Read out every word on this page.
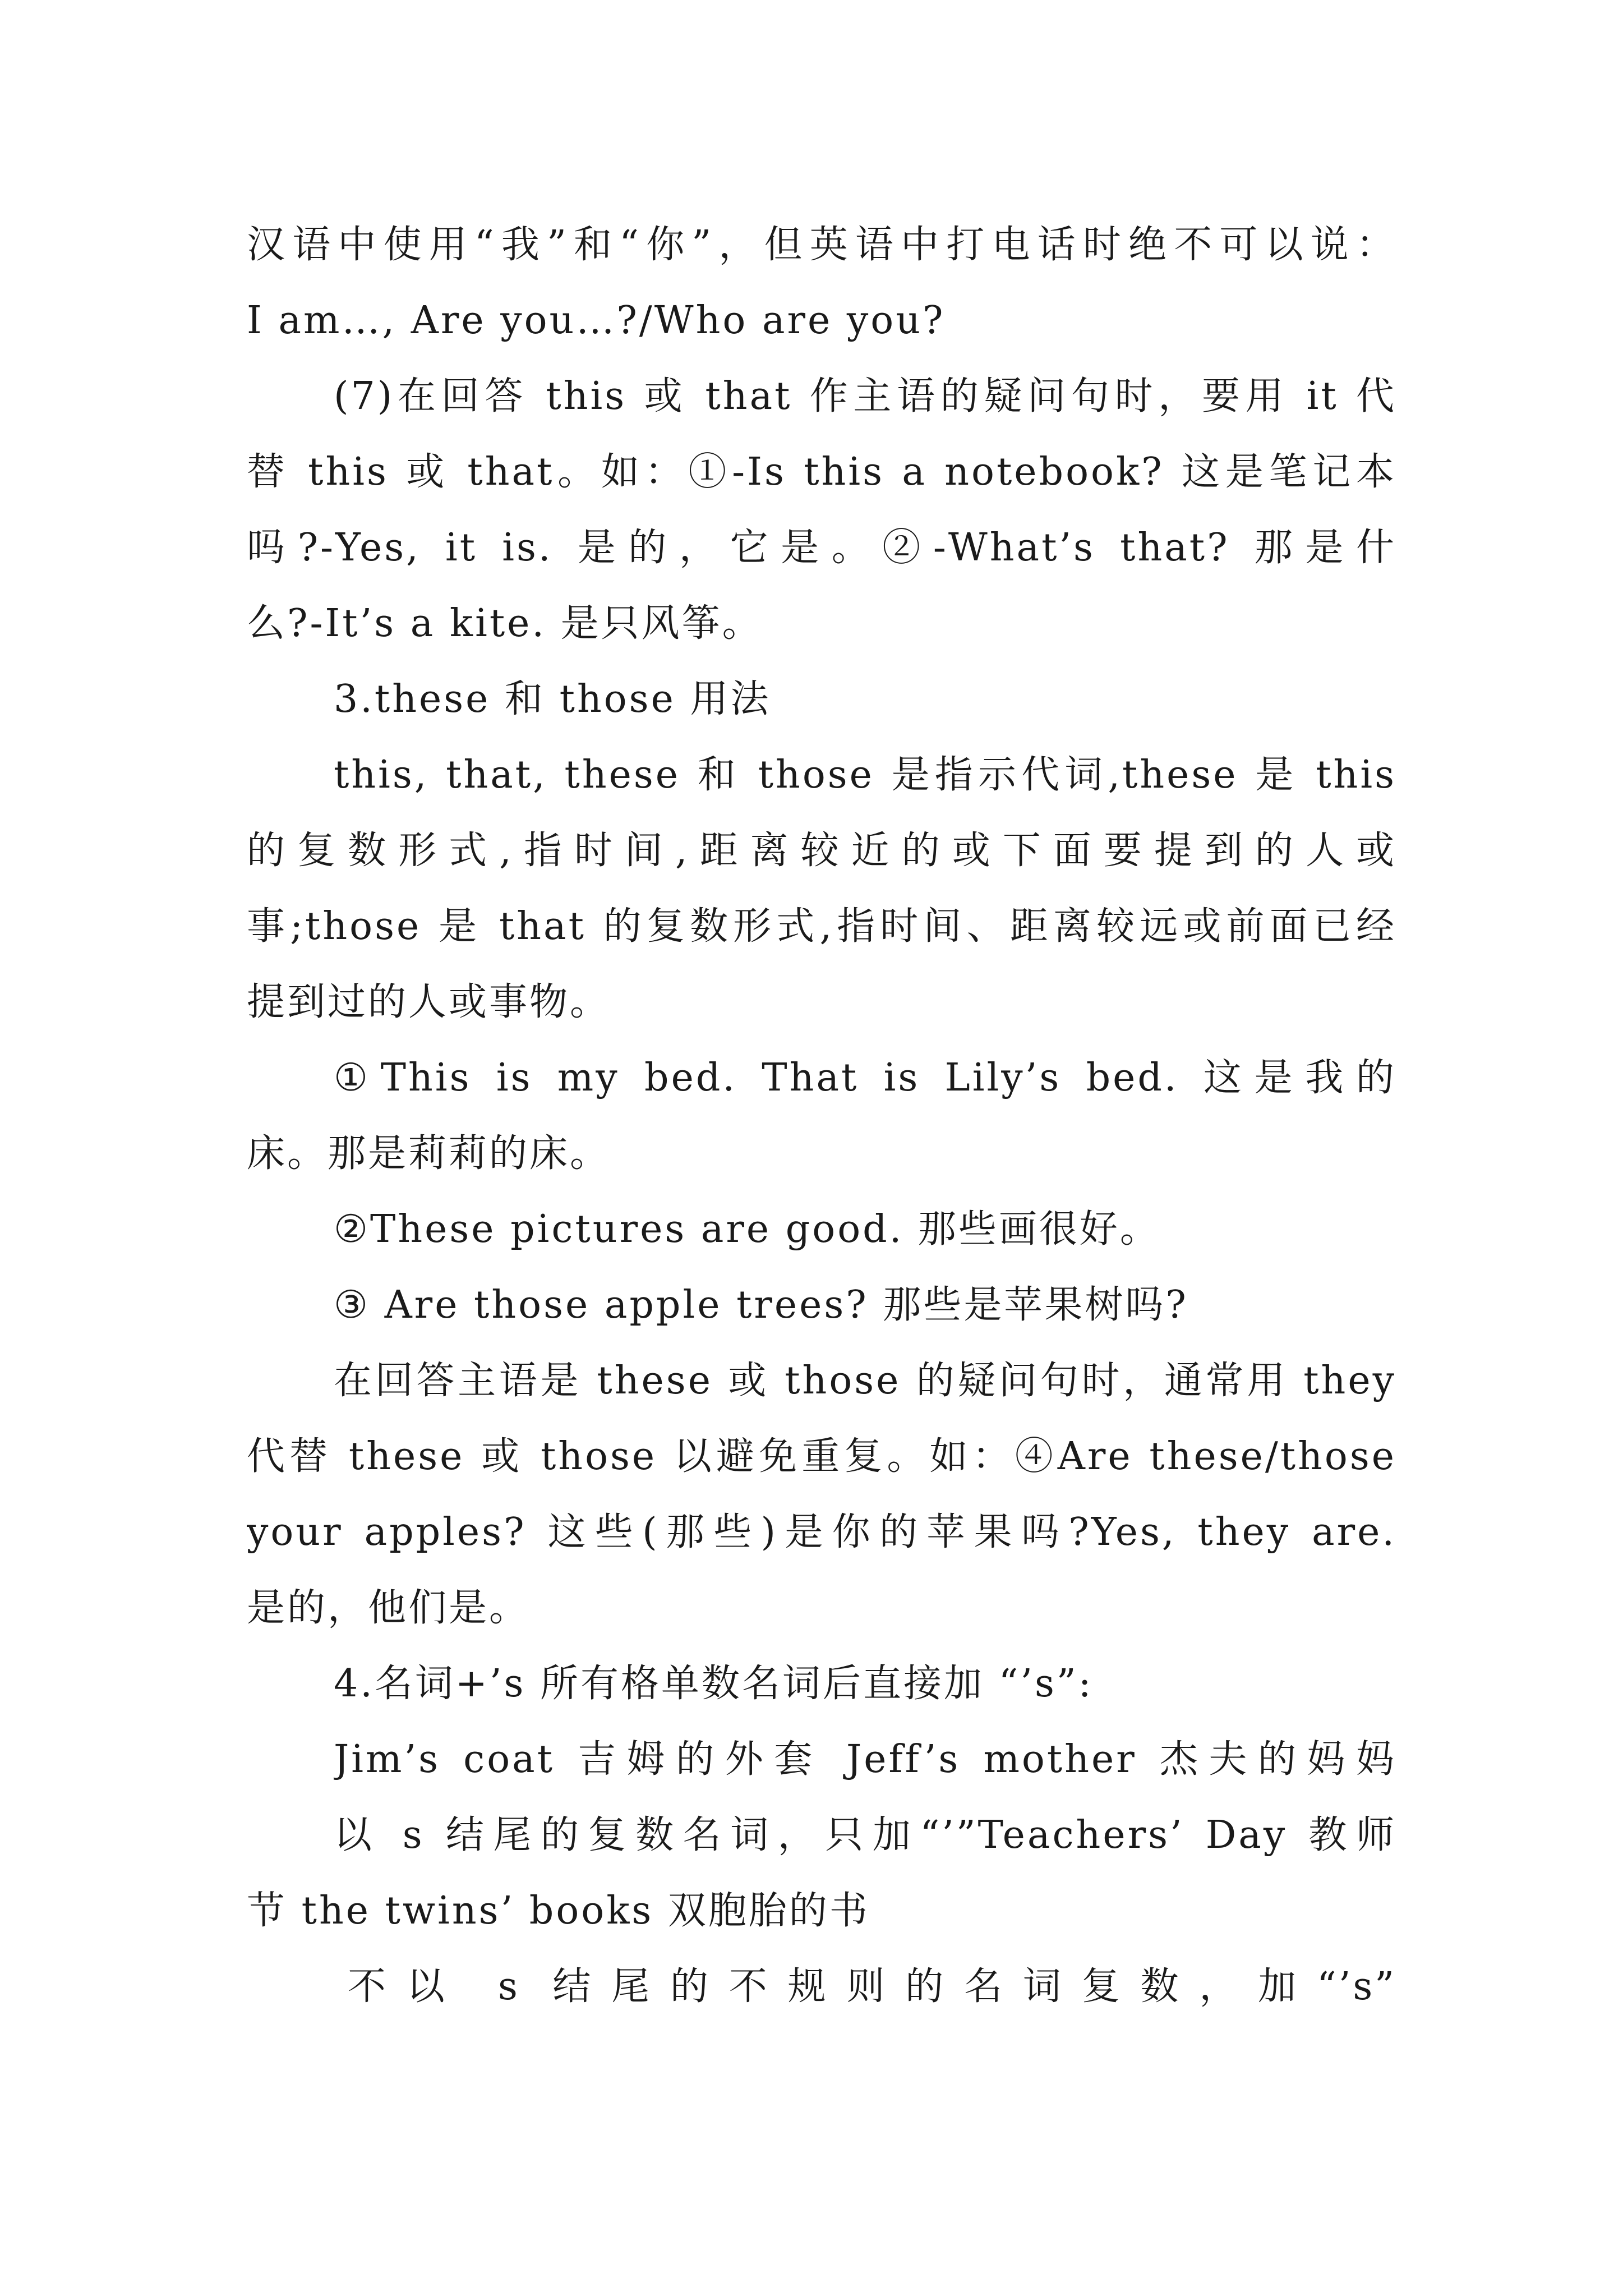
汉语中使用“我”和“你”，但英语中打电话时绝不可以说：

I am…, Are you…?/Who are you?

(7)在回答 this 或 that 作主语的疑问句时，要用 it 代

替 this 或 that。如：①-Is this a notebook? 这是笔记本

吗?-Yes, it is. 是的，它是。②-What’s that? 那是什

么?-It’s a kite. 是只风筝。

3.these 和 those 用法

this, that, these 和 those 是指示代词,these 是 this

的复数形式,指时间,距离较近的或下面要提到的人或

事;those 是 that 的复数形式,指时间、距离较远或前面已经

提到过的人或事物。

①This is my bed. That is Lily’s bed. 这是我的

床。那是莉莉的床。

②These pictures are good. 那些画很好。

③ Are those apple trees? 那些是苹果树吗?

在回答主语是 these 或 those 的疑问句时，通常用 they

代替 these 或 those 以避免重复。如：④Are these/those

your apples? 这些(那些)是你的苹果吗?Yes, they are.

是的，他们是。

4.名词+’s 所有格单数名词后直接加 “’s”:

Jim’s coat 吉姆的外套 Jeff’s mother 杰夫的妈妈

以 s 结尾的复数名词，只加“’”Teachers’ Day 教师

节 the twins’ books 双胞胎的书

不以 s 结尾的不规则的名词复数，加“’s”
